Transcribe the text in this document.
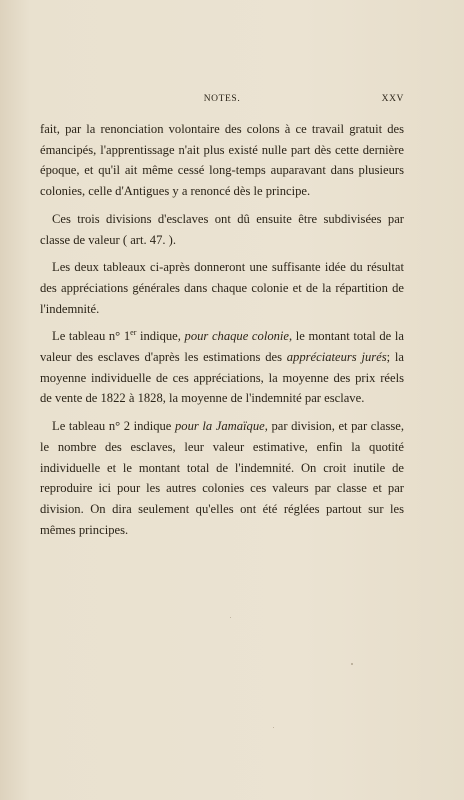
NOTES.	XXV

fait, par la renonciation volontaire des colons à ce travail gratuit des émancipés, l'apprentissage n'ait plus existé nulle part dès cette dernière époque, et qu'il ait même cessé long-temps auparavant dans plusieurs colonies, celle d'Antigues y a renoncé dès le principe.

Ces trois divisions d'esclaves ont dû ensuite être subdivisées par classe de valeur ( art. 47. ).

Les deux tableaux ci-après donneront une suffisante idée du résultat des appréciations générales dans chaque colonie et de la répartition de l'indemnité.

Le tableau n° 1er indique, pour chaque colonie, le montant total de la valeur des esclaves d'après les estimations des appréciateurs jurés; la moyenne individuelle de ces appréciations, la moyenne des prix réels de vente de 1822 à 1828, la moyenne de l'indemnité par esclave.

Le tableau n° 2 indique pour la Jamaïque, par division, et par classe, le nombre des esclaves, leur valeur estimative, enfin la quotité individuelle et le montant total de l'indemnité. On croit inutile de reproduire ici pour les autres colonies ces valeurs par classe et par division. On dira seulement qu'elles ont été réglées partout sur les mêmes principes.
